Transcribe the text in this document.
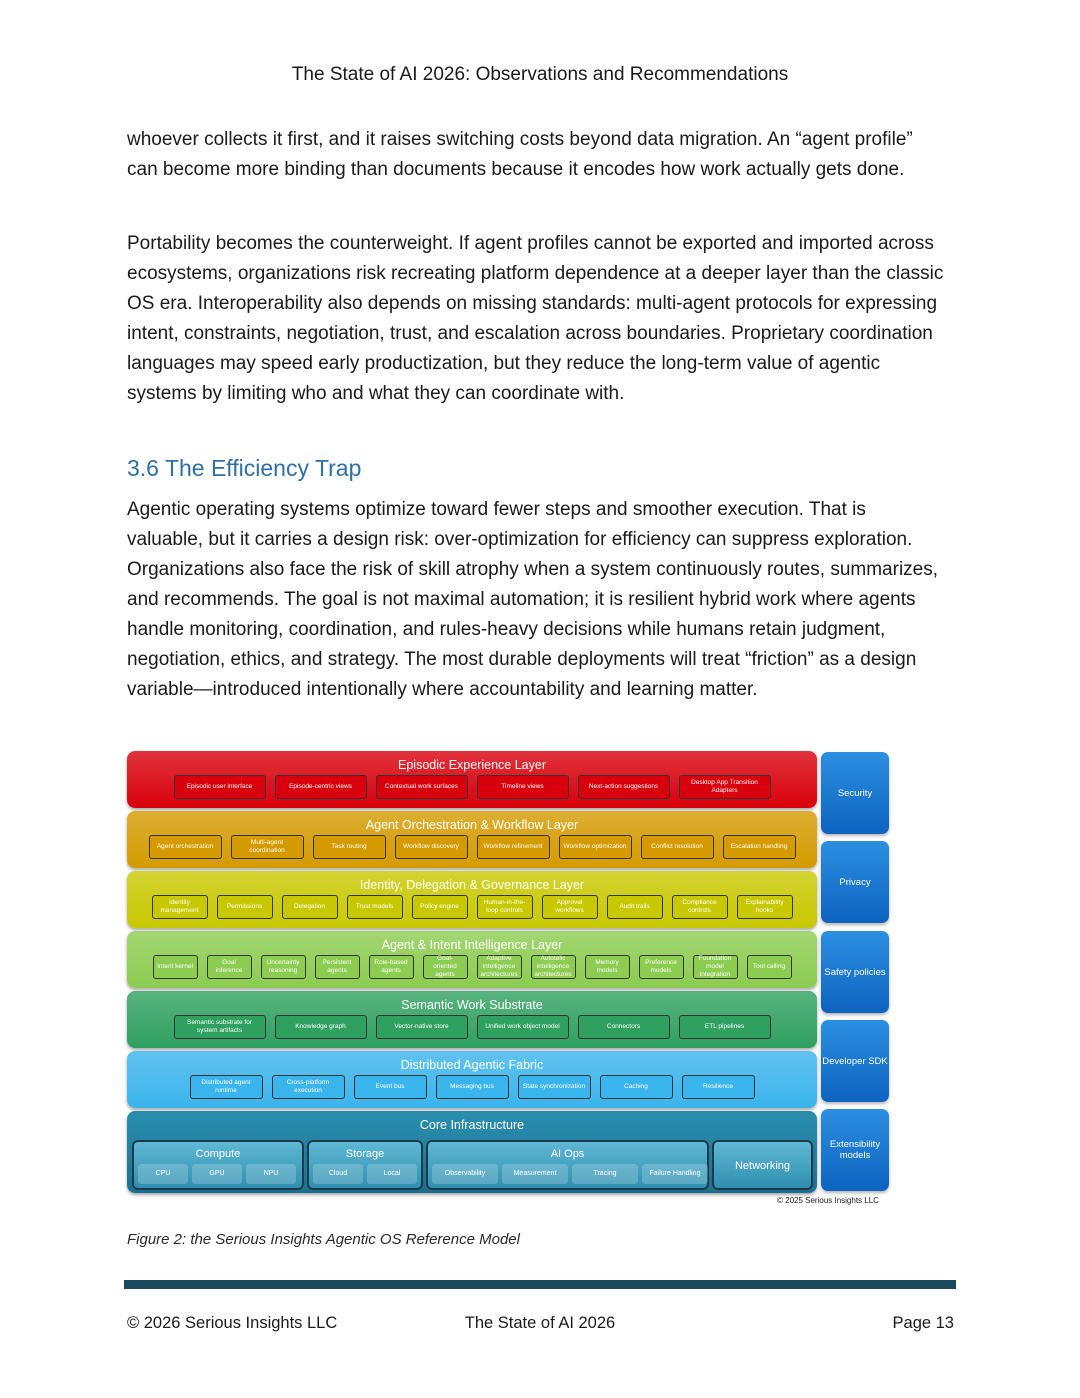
The State of AI 2026: Observations and Recommendations

whoever collects it first, and it raises switching costs beyond data migration. An “agent profile” can become more binding than documents because it encodes how work actually gets done.

Portability becomes the counterweight. If agent profiles cannot be exported and imported across ecosystems, organizations risk recreating platform dependence at a deeper layer than the classic OS era. Interoperability also depends on missing standards: multi-agent protocols for expressing intent, constraints, negotiation, trust, and escalation across boundaries. Proprietary coordination languages may speed early productization, but they reduce the long-term value of agentic systems by limiting who and what they can coordinate with.

3.6 The Efficiency Trap

Agentic operating systems optimize toward fewer steps and smoother execution. That is valuable, but it carries a design risk: over-optimization for efficiency can suppress exploration. Organizations also face the risk of skill atrophy when a system continuously routes, summarizes, and recommends. The goal is not maximal automation; it is resilient hybrid work where agents handle monitoring, coordination, and rules-heavy decisions while humans retain judgment, negotiation, ethics, and strategy. The most durable deployments will treat “friction” as a design variable—introduced intentionally where accountability and learning matter.

Core Infrastructure
Compute
CPU	GPU	NPU
Storage
Cloud	Local
AI Ops
Observability	Measurement	Tracing	Failure Handling
Networking
© 2025 Serious Insights LLC
Episodic Experience Layer
Episodic user interface	Episode-centric views	Contextual work surfaces	Timeline views	Next-action suggestions
Desktop App Transition Adapters
Agent Orchestration & Workflow Layer
Agent orchestration
Multi-agent coordination
Task routing	Workflow discovery	Workflow refinement	Workflow optimization	Conflict resolution	Escalation handling
Identity, Delegation & Governance Layer
Identity management
Permissions	Delegation	Trust models	Policy engine
Human-in-the-loop controls
Approval workflows
Audit trails
Compliance controls
Explainability hooks
Agent & Intent Intelligence Layer
Intent kernel
Goal inference
Uncertainty reasoning
Persistent agents
Role-based agents
Goal-oriented agents
Adaptive intelligence architectures
Autotelic intelligence architectures
Memory models
Preference models
Foundation model integration
Tool calling
Semantic Work Substrate
Semantic substrate for system artifacts
Knowledge graph	Vector-native store	Unified work object model	Connectors	ETL pipelines
Distributed Agentic Fabric
Distributed agent runtime
Cross-platform execution
Event bus	Messaging bus	State synchronization	Caching	Resilience
Security
Privacy
Safety policies
Developer SDK
Extensibility models
Figure 2: the Serious Insights Agentic OS Reference Model
© 2026 Serious Insights LLC	The State of AI 2026	Page 13
